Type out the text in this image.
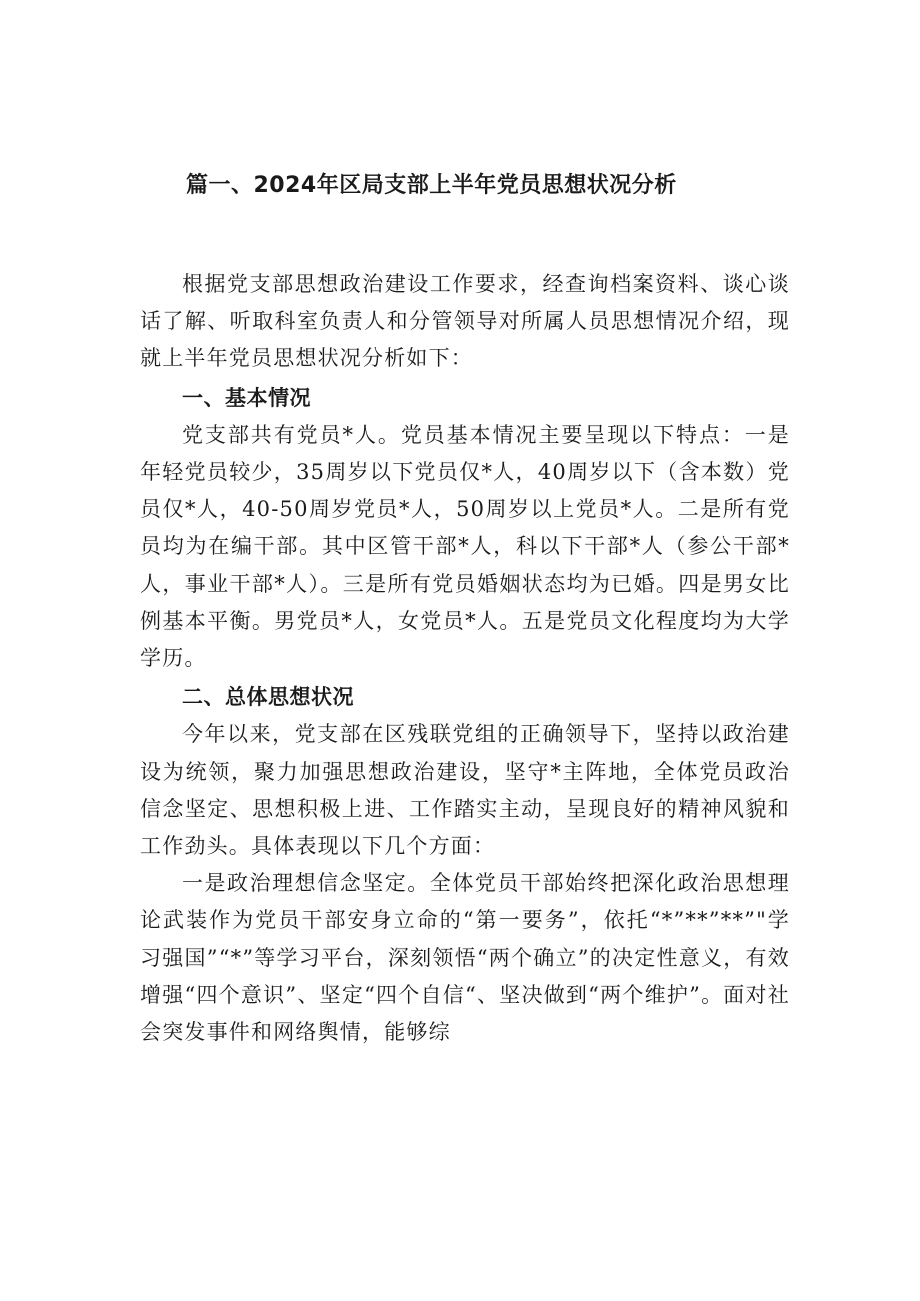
篇一、2024年区局支部上半年党员思想状况分析

根据党支部思想政治建设工作要求，经查询档案资料、谈心谈话了解、听取科室负责人和分管领导对所属人员思想情况介绍，现就上半年党员思想状况分析如下：

一、基本情况

党支部共有党员*人。党员基本情况主要呈现以下特点：一是年轻党员较少，35周岁以下党员仅*人，40周岁以下（含本数）党员仅*人，40-50周岁党员*人，50周岁以上党员*人。二是所有党员均为在编干部。其中区管干部*人，科以下干部*人（参公干部*人，事业干部*人）。三是所有党员婚姻状态均为已婚。四是男女比例基本平衡。男党员*人，女党员*人。五是党员文化程度均为大学学历。

二、总体思想状况

今年以来，党支部在区残联党组的正确领导下，坚持以政治建设为统领，聚力加强思想政治建设，坚守*主阵地，全体党员政治信念坚定、思想积极上进、工作踏实主动，呈现良好的精神风貌和工作劲头。具体表现以下几个方面：

一是政治理想信念坚定。全体党员干部始终把深化政治思想理论武装作为党员干部安身立命的“第一要务”，依托“*”**”**”"学习强国”“*”等学习平台，深刻领悟“两个确立”的决定性意义，有效增强“四个意识”、坚定“四个自信“、坚决做到“两个维护”。面对社会突发事件和网络舆情，能够综
